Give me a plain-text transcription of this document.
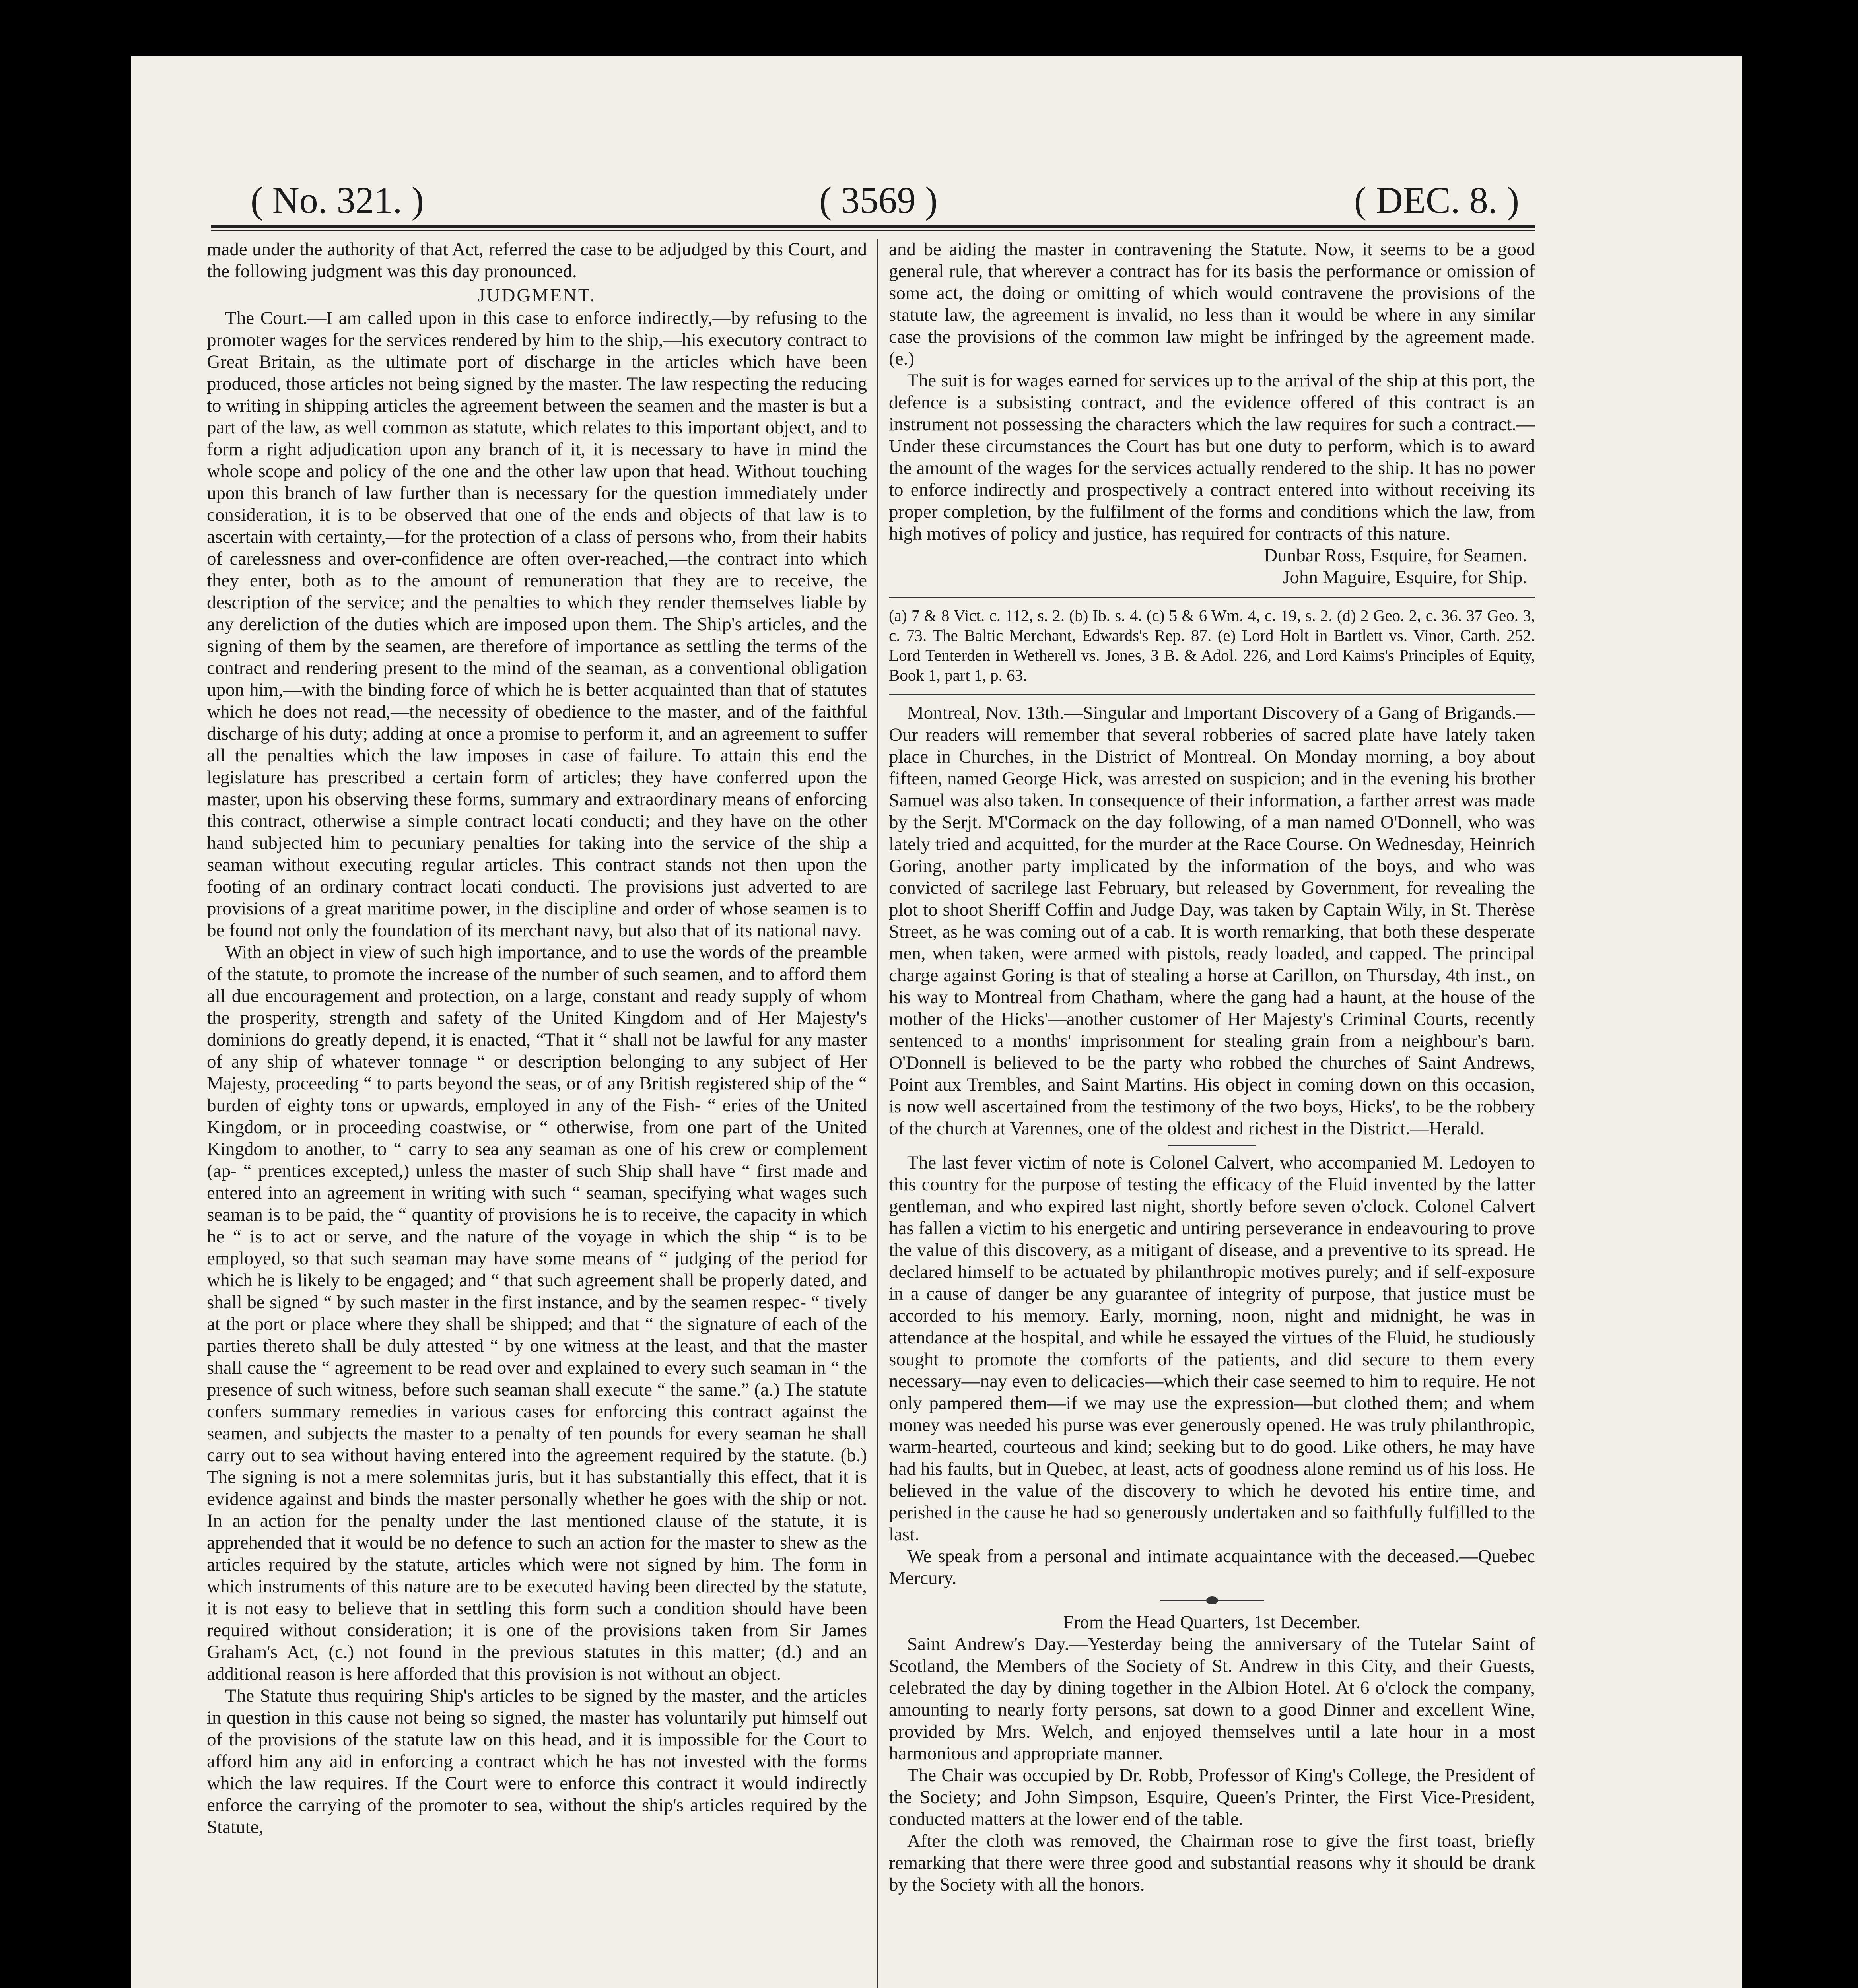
( No. 321. )	( 3569 )	( DEC. 8. )

made under the authority of that Act, referred the case to be adjudged by this Court, and the following judgment was this day pronounced.

JUDGMENT.

The Court.—I am called upon in this case to enforce indirectly,—by refusing to the promoter wages for the services rendered by him to the ship,—his executory contract to Great Britain, as the ultimate port of discharge in the articles which have been produced, those articles not being signed by the master. The law respecting the reducing to writing in shipping articles the agreement between the seamen and the master is but a part of the law, as well common as statute, which relates to this important object, and to form a right adjudication upon any branch of it, it is necessary to have in mind the whole scope and policy of the one and the other law upon that head. Without touching upon this branch of law further than is necessary for the question immediately under consideration, it is to be observed that one of the ends and objects of that law is to ascertain with certainty,—for the protection of a class of persons who, from their habits of carelessness and over-confidence are often over-reached,—the contract into which they enter, both as to the amount of remuneration that they are to receive, the description of the service; and the penalties to which they render themselves liable by any dereliction of the duties which are imposed upon them. The Ship's articles, and the signing of them by the seamen, are therefore of importance as settling the terms of the contract and rendering present to the mind of the seaman, as a conventional obligation upon him,—with the binding force of which he is better acquainted than that of statutes which he does not read,—the necessity of obedience to the master, and of the faithful discharge of his duty; adding at once a promise to perform it, and an agreement to suffer all the penalties which the law imposes in case of failure. To attain this end the legislature has prescribed a certain form of articles; they have conferred upon the master, upon his observing these forms, summary and extraordinary means of enforcing this contract, otherwise a simple contract locati conducti; and they have on the other hand subjected him to pecuniary penalties for taking into the service of the ship a seaman without executing regular articles. This contract stands not then upon the footing of an ordinary contract locati conducti. The provisions just adverted to are provisions of a great maritime power, in the discipline and order of whose seamen is to be found not only the foundation of its merchant navy, but also that of its national navy.

With an object in view of such high importance, and to use the words of the preamble of the statute, to promote the increase of the number of such seamen, and to afford them all due encouragement and protection, on a large, constant and ready supply of whom the prosperity, strength and safety of the United Kingdom and of Her Majesty's dominions do greatly depend, it is enacted, “That it “ shall not be lawful for any master of any ship of whatever tonnage “ or description belonging to any subject of Her Majesty, proceeding “ to parts beyond the seas, or of any British registered ship of the “ burden of eighty tons or upwards, employed in any of the Fish- “ eries of the United Kingdom, or in proceeding coastwise, or “ otherwise, from one part of the United Kingdom to another, to “ carry to sea any seaman as one of his crew or complement (ap- “ prentices excepted,) unless the master of such Ship shall have “ first made and entered into an agreement in writing with such “ seaman, specifying what wages such seaman is to be paid, the “ quantity of provisions he is to receive, the capacity in which he “ is to act or serve, and the nature of the voyage in which the ship “ is to be employed, so that such seaman may have some means of “ judging of the period for which he is likely to be engaged; and “ that such agreement shall be properly dated, and shall be signed “ by such master in the first instance, and by the seamen respec- “ tively at the port or place where they shall be shipped; and that “ the signature of each of the parties thereto shall be duly attested “ by one witness at the least, and that the master shall cause the “ agreement to be read over and explained to every such seaman in “ the presence of such witness, before such seaman shall execute “ the same.” (a.) The statute confers summary remedies in various cases for enforcing this contract against the seamen, and subjects the master to a penalty of ten pounds for every seaman he shall carry out to sea without having entered into the agreement required by the statute. (b.) The signing is not a mere solemnitas juris, but it has substantially this effect, that it is evidence against and binds the master personally whether he goes with the ship or not. In an action for the penalty under the last mentioned clause of the statute, it is apprehended that it would be no defence to such an action for the master to shew as the articles required by the statute, articles which were not signed by him. The form in which instruments of this nature are to be executed having been directed by the statute, it is not easy to believe that in settling this form such a condition should have been required without consideration; it is one of the provisions taken from Sir James Graham's Act, (c.) not found in the previous statutes in this matter; (d.) and an additional reason is here afforded that this provision is not without an object.

The Statute thus requiring Ship's articles to be signed by the master, and the articles in question in this cause not being so signed, the master has voluntarily put himself out of the provisions of the statute law on this head, and it is impossible for the Court to afford him any aid in enforcing a contract which he has not invested with the forms which the law requires. If the Court were to enforce this contract it would indirectly enforce the carrying of the promoter to sea, without the ship's articles required by the Statute,

and be aiding the master in contravening the Statute. Now, it seems to be a good general rule, that wherever a contract has for its basis the performance or omission of some act, the doing or omitting of which would contravene the provisions of the statute law, the agreement is invalid, no less than it would be where in any similar case the provisions of the common law might be infringed by the agreement made. (e.)

The suit is for wages earned for services up to the arrival of the ship at this port, the defence is a subsisting contract, and the evidence offered of this contract is an instrument not possessing the characters which the law requires for such a contract.—Under these circumstances the Court has but one duty to perform, which is to award the amount of the wages for the services actually rendered to the ship. It has no power to enforce indirectly and prospectively a contract entered into without receiving its proper completion, by the fulfilment of the forms and conditions which the law, from high motives of policy and justice, has required for contracts of this nature.

Dunbar Ross, Esquire, for Seamen.

John Maguire, Esquire, for Ship.

(a) 7 & 8 Vict. c. 112, s. 2. (b) Ib. s. 4. (c) 5 & 6 Wm. 4, c. 19, s. 2. (d) 2 Geo. 2, c. 36. 37 Geo. 3, c. 73. The Baltic Merchant, Edwards's Rep. 87. (e) Lord Holt in Bartlett vs. Vinor, Carth. 252. Lord Tenterden in Wetherell vs. Jones, 3 B. & Adol. 226, and Lord Kaims's Principles of Equity, Book 1, part 1, p. 63.

Montreal, Nov. 13th.—Singular and Important Discovery of a Gang of Brigands.—Our readers will remember that several robberies of sacred plate have lately taken place in Churches, in the District of Montreal. On Monday morning, a boy about fifteen, named George Hick, was arrested on suspicion; and in the evening his brother Samuel was also taken. In consequence of their information, a farther arrest was made by the Serjt. M'Cormack on the day following, of a man named O'Donnell, who was lately tried and acquitted, for the murder at the Race Course. On Wednesday, Heinrich Goring, another party implicated by the information of the boys, and who was convicted of sacrilege last February, but released by Government, for revealing the plot to shoot Sheriff Coffin and Judge Day, was taken by Captain Wily, in St. Therèse Street, as he was coming out of a cab. It is worth remarking, that both these desperate men, when taken, were armed with pistols, ready loaded, and capped. The principal charge against Goring is that of stealing a horse at Carillon, on Thursday, 4th inst., on his way to Montreal from Chatham, where the gang had a haunt, at the house of the mother of the Hicks'—another customer of Her Majesty's Criminal Courts, recently sentenced to a months' imprisonment for stealing grain from a neighbour's barn. O'Donnell is believed to be the party who robbed the churches of Saint Andrews, Point aux Trembles, and Saint Martins. His object in coming down on this occasion, is now well ascertained from the testimony of the two boys, Hicks', to be the robbery of the church at Varennes, one of the oldest and richest in the District.—Herald.

The last fever victim of note is Colonel Calvert, who accompanied M. Ledoyen to this country for the purpose of testing the efficacy of the Fluid invented by the latter gentleman, and who expired last night, shortly before seven o'clock. Colonel Calvert has fallen a victim to his energetic and untiring perseverance in endeavouring to prove the value of this discovery, as a mitigant of disease, and a preventive to its spread. He declared himself to be actuated by philanthropic motives purely; and if self-exposure in a cause of danger be any guarantee of integrity of purpose, that justice must be accorded to his memory. Early, morning, noon, night and midnight, he was in attendance at the hospital, and while he essayed the virtues of the Fluid, he studiously sought to promote the comforts of the patients, and did secure to them every necessary—nay even to delicacies—which their case seemed to him to require. He not only pampered them—if we may use the expression—but clothed them; and whem money was needed his purse was ever generously opened. He was truly philanthropic, warm-hearted, courteous and kind; seeking but to do good. Like others, he may have had his faults, but in Quebec, at least, acts of goodness alone remind us of his loss. He believed in the value of the discovery to which he devoted his entire time, and perished in the cause he had so generously undertaken and so faithfully fulfilled to the last.

We speak from a personal and intimate acquaintance with the deceased.—Quebec Mercury.

From the Head Quarters, 1st December.

Saint Andrew's Day.—Yesterday being the anniversary of the Tutelar Saint of Scotland, the Members of the Society of St. Andrew in this City, and their Guests, celebrated the day by dining together in the Albion Hotel. At 6 o'clock the company, amounting to nearly forty persons, sat down to a good Dinner and excellent Wine, provided by Mrs. Welch, and enjoyed themselves until a late hour in a most harmonious and appropriate manner.

The Chair was occupied by Dr. Robb, Professor of King's College, the President of the Society; and John Simpson, Esquire, Queen's Printer, the First Vice-President, conducted matters at the lower end of the table.

After the cloth was removed, the Chairman rose to give the first toast, briefly remarking that there were three good and substantial reasons why it should be drank by the Society with all the honors.
